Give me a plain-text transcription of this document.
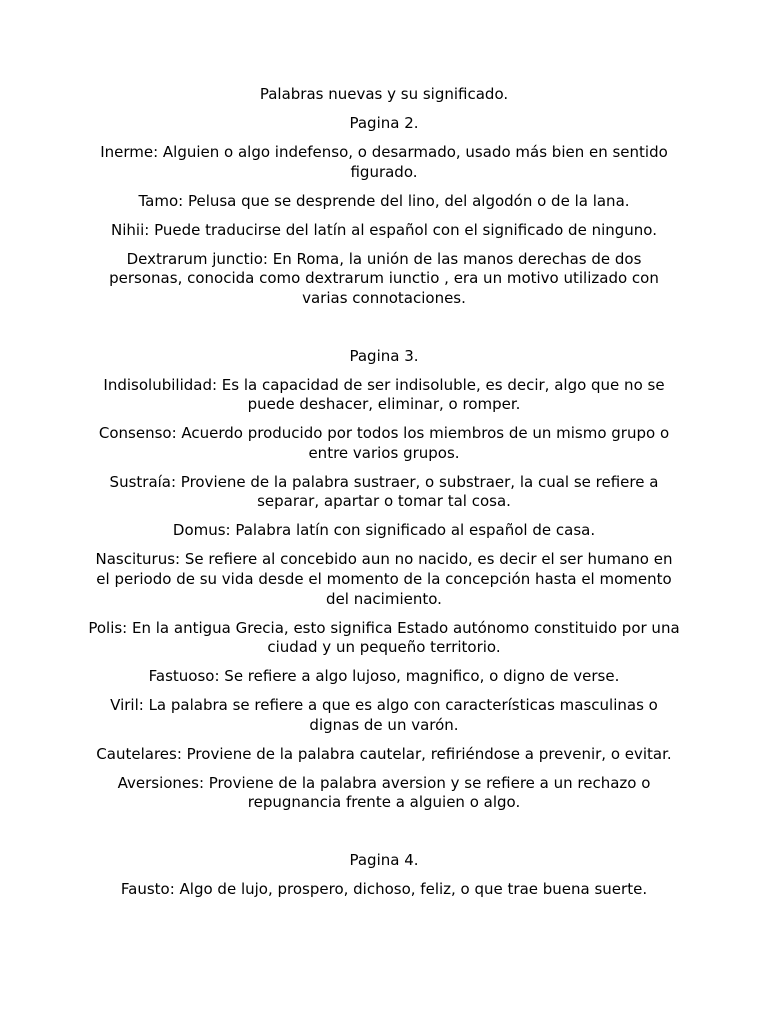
Palabras nuevas y su significado.

Pagina 2.

Inerme: Alguien o algo indefenso, o desarmado, usado más bien en sentido figurado.

Tamo: Pelusa que se desprende del lino, del algodón o de la lana.

Nihii: Puede traducirse del latín al español con el significado de ninguno.

Dextrarum junctio: En Roma, la unión de las manos derechas de dos personas, conocida como dextrarum iunctio , era un motivo utilizado con varias connotaciones.

Pagina 3.

Indisolubilidad: Es la capacidad de ser indisoluble, es decir, algo que no se puede deshacer, eliminar, o romper.

Consenso: Acuerdo producido por todos los miembros de un mismo grupo o entre varios grupos.

Sustraía: Proviene de la palabra sustraer, o substraer, la cual se refiere a separar, apartar o tomar tal cosa.

Domus: Palabra latín con significado al español de casa.

Nasciturus: Se refiere al concebido aun no nacido, es decir el ser humano en el periodo de su vida desde el momento de la concepción hasta el momento del nacimiento.

Polis: En la antigua Grecia, esto significa Estado autónomo constituido por una ciudad y un pequeño territorio.

Fastuoso: Se refiere a algo lujoso, magnifico, o digno de verse.

Viril: La palabra se refiere a que es algo con características masculinas o dignas de un varón.

Cautelares: Proviene de la palabra cautelar, refiriéndose a prevenir, o evitar.

Aversiones: Proviene de la palabra aversion y se refiere a un rechazo o repugnancia frente a alguien o algo.

Pagina 4.

Fausto: Algo de lujo, prospero, dichoso, feliz, o que trae buena suerte.
